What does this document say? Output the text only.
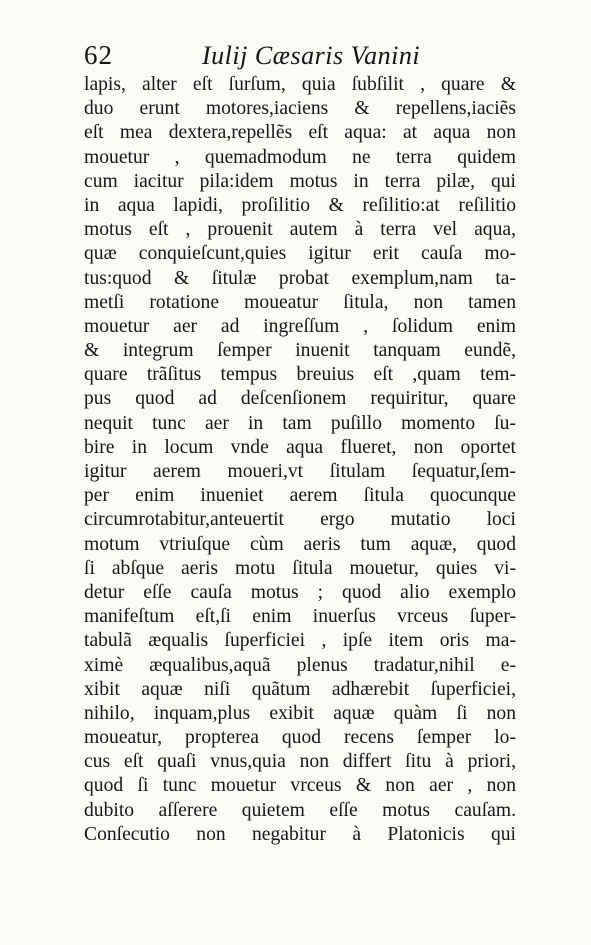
62	Iulij Cæsaris Vanini
lapis, alter eſt ſurſum, quia ſubſilit , quare &
duo erunt motores,iaciens & repellens,iaciẽs
eſt mea dextera,repellẽs eſt aqua: at aqua non
mouetur , quemadmodum ne terra quidem
cum iacitur pila:idem motus in terra pilæ, qui
in aqua lapidi, proſilitio & reſilitio:at reſilitio
motus eſt , prouenit autem à terra vel aqua,
quæ conquieſcunt,quies igitur erit cauſa mo-
tus:quod & ſitulæ probat exemplum,nam ta-
metſi rotatione moueatur ſitula, non tamen
mouetur aer ad ingreſſum , ſolidum enim
& integrum ſemper inuenit tanquam eundẽ,
quare trãſitus tempus breuius eſt ,quam tem-
pus quod ad deſcenſionem requiritur, quare
nequit tunc aer in tam puſillo momento ſu-
bire in locum vnde aqua flueret, non oportet
igitur aerem moueri,vt ſitulam ſequatur,ſem-
per enim inueniet aerem ſitula quocunque
circumrotabitur,anteuertit ergo mutatio loci
motum vtriuſque cùm aeris tum aquæ, quod
ſi abſque aeris motu ſitula mouetur, quies vi-
detur eſſe cauſa motus ; quod alio exemplo
manifeſtum eſt,ſi enim inuerſus vrceus ſuper-
tabulã æqualis ſuperficiei , ipſe item oris ma-
ximè æqualibus,aquã plenus tradatur,nihil e-
xibit aquæ niſi quãtum adhærebit ſuperficiei,
nihilo, inquam,plus exibit aquæ quàm ſi non
moueatur, propterea quod recens ſemper lo-
cus eſt quaſi vnus,quia non differt ſitu à priori,
quod ſi tunc mouetur vrceus & non aer , non
dubito aſſerere quietem eſſe motus cauſam.
Conſecutio non negabitur à Platonicis qui
